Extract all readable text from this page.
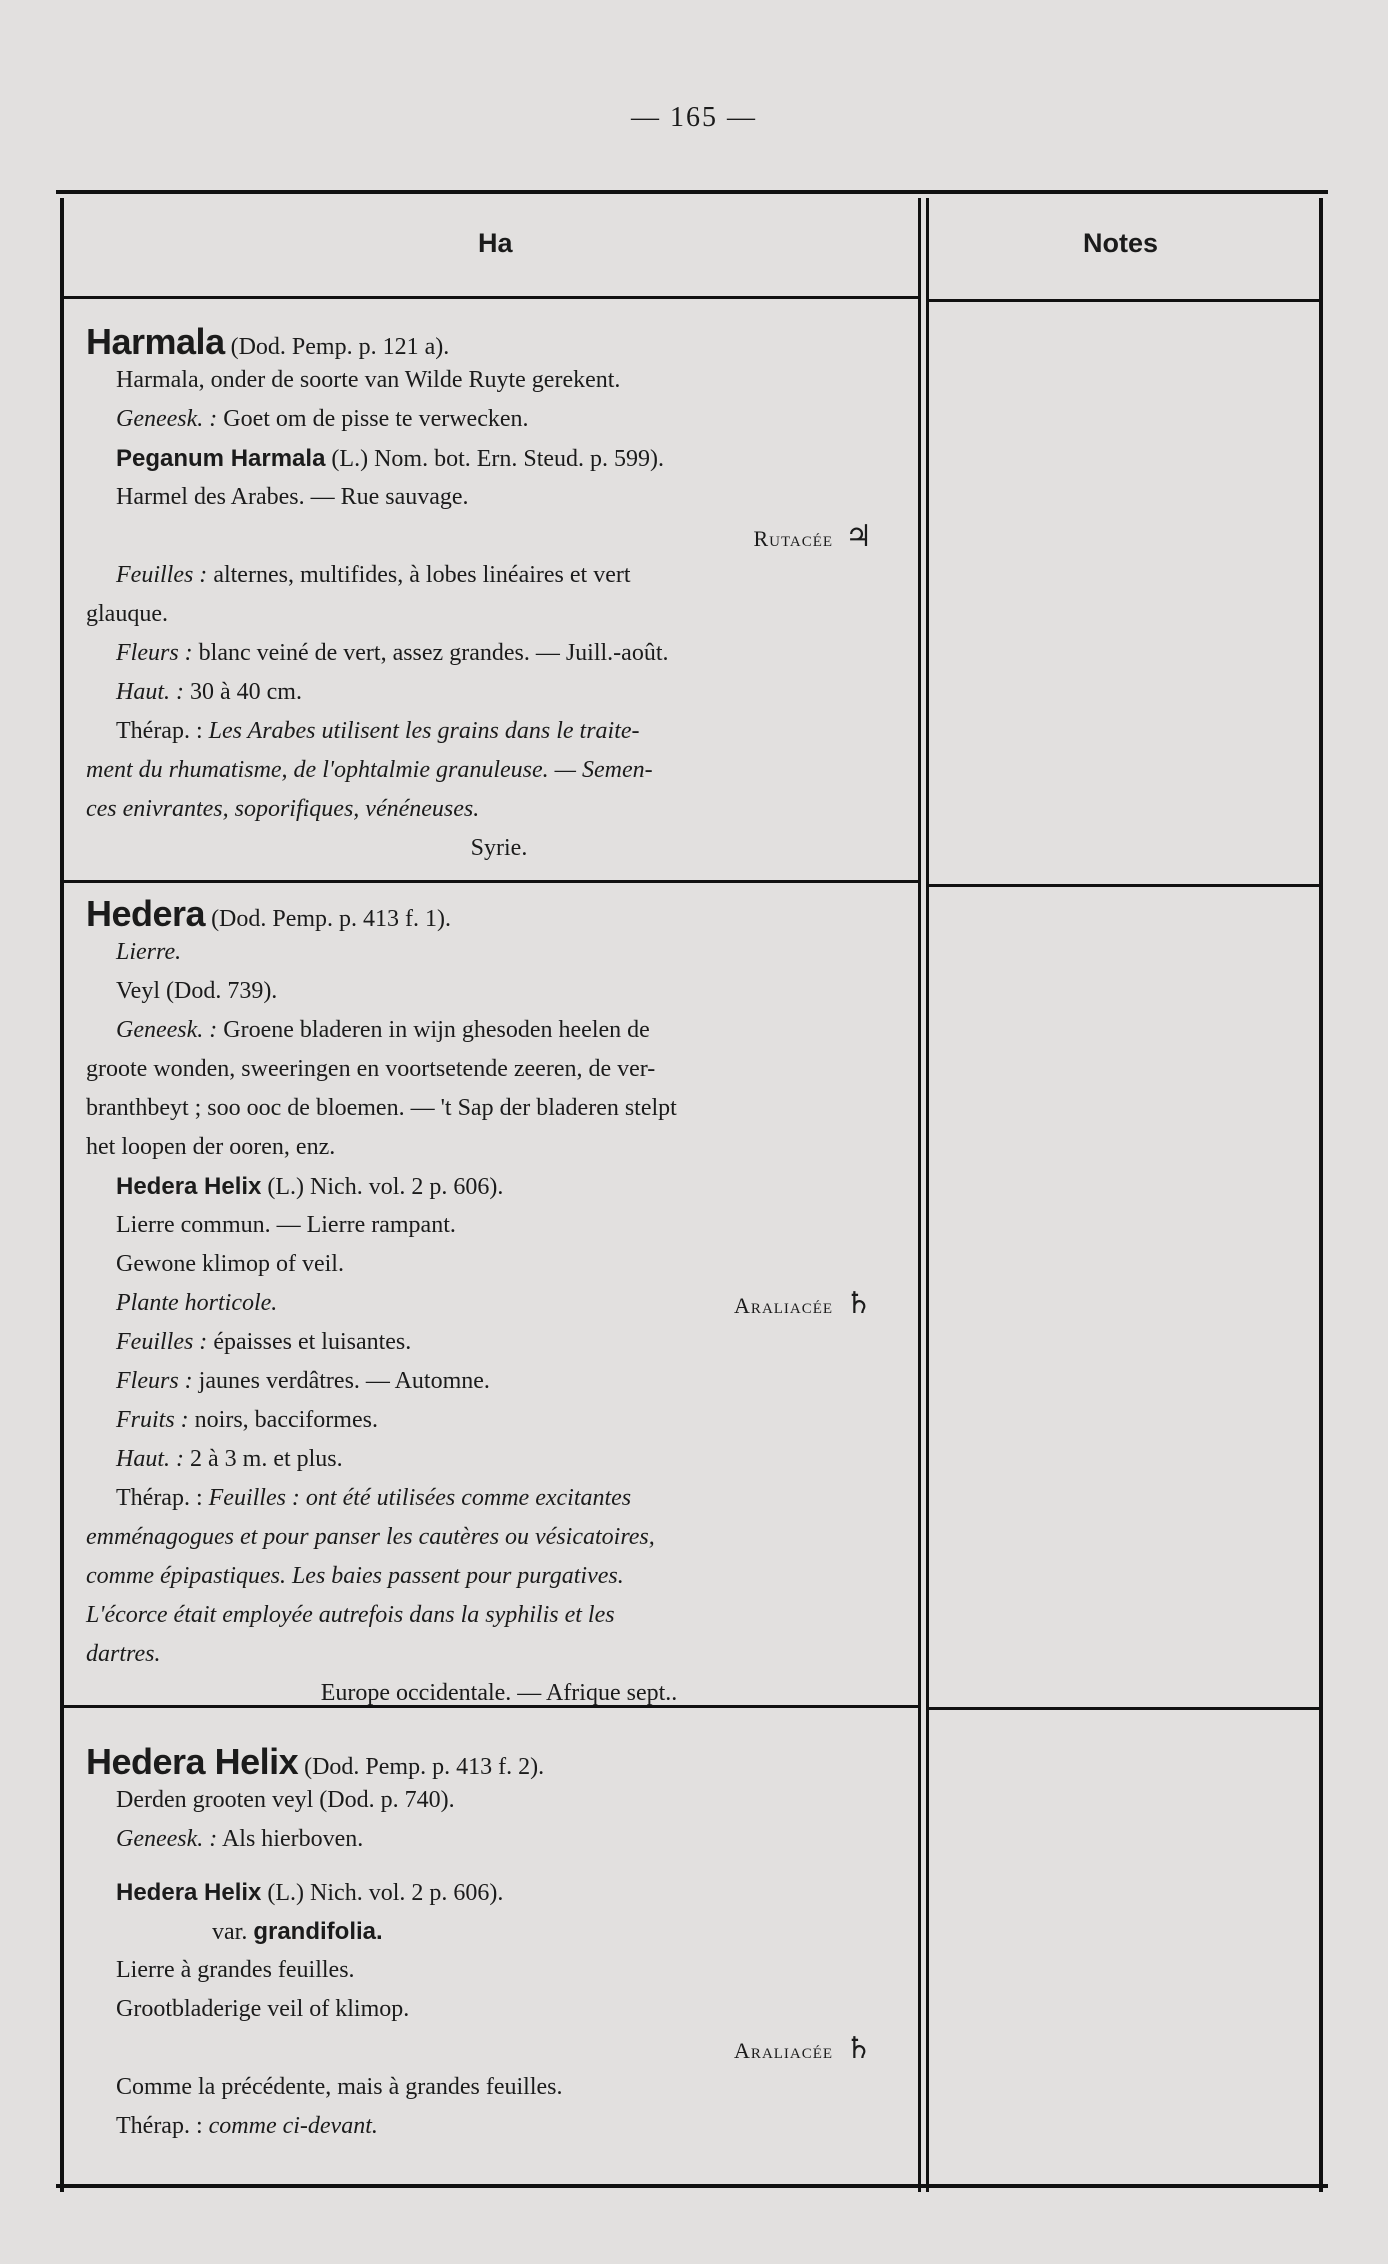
— 165 —
Ha	Notes
Harmala (Dod. Pemp. p. 121 a).
Harmala, onder de soorte van Wilde Ruyte gerekent.
Geneesk. : Goet om de pisse te verwecken.
Peganum Harmala (L.) Nom. bot. Ern. Steud. p. 599).
Harmel des Arabes. — Rue sauvage.
Rutacée ♃
Feuilles : alternes, multifides, à lobes linéaires et vert
glauque.
Fleurs : blanc veiné de vert, assez grandes. — Juill.-août.
Haut. : 30 à 40 cm.
Thérap. : Les Arabes utilisent les grains dans le traite-
ment du rhumatisme, de l'ophtalmie granuleuse. — Semen-
ces enivrantes, soporifiques, vénéneuses.
Syrie.
Hedera (Dod. Pemp. p. 413 f. 1).
Lierre.
Veyl (Dod. 739).
Geneesk. : Groene bladeren in wijn ghesoden heelen de
groote wonden, sweeringen en voortsetende zeeren, de ver-
branthbeyt ; soo ooc de bloemen. — 't Sap der bladeren stelpt
het loopen der ooren, enz.
Hedera Helix (L.) Nich. vol. 2 p. 606).
Lierre commun. — Lierre rampant.
Gewone klimop of veil.
Plante horticole.	Araliacée ♄
Feuilles : épaisses et luisantes.
Fleurs : jaunes verdâtres. — Automne.
Fruits : noirs, bacciformes.
Haut. : 2 à 3 m. et plus.
Thérap. : Feuilles : ont été utilisées comme excitantes
emménagogues et pour panser les cautères ou vésicatoires,
comme épipastiques. Les baies passent pour purgatives.
L'écorce était employée autrefois dans la syphilis et les
dartres.
Europe occidentale. — Afrique sept..
Hedera Helix (Dod. Pemp. p. 413 f. 2).
Derden grooten veyl (Dod. p. 740).
Geneesk. : Als hierboven.
Hedera Helix (L.) Nich. vol. 2 p. 606).
var. grandifolia.
Lierre à grandes feuilles.
Grootbladerige veil of klimop.
Araliacée ♄
Comme la précédente, mais à grandes feuilles.
Thérap. : comme ci-devant.
